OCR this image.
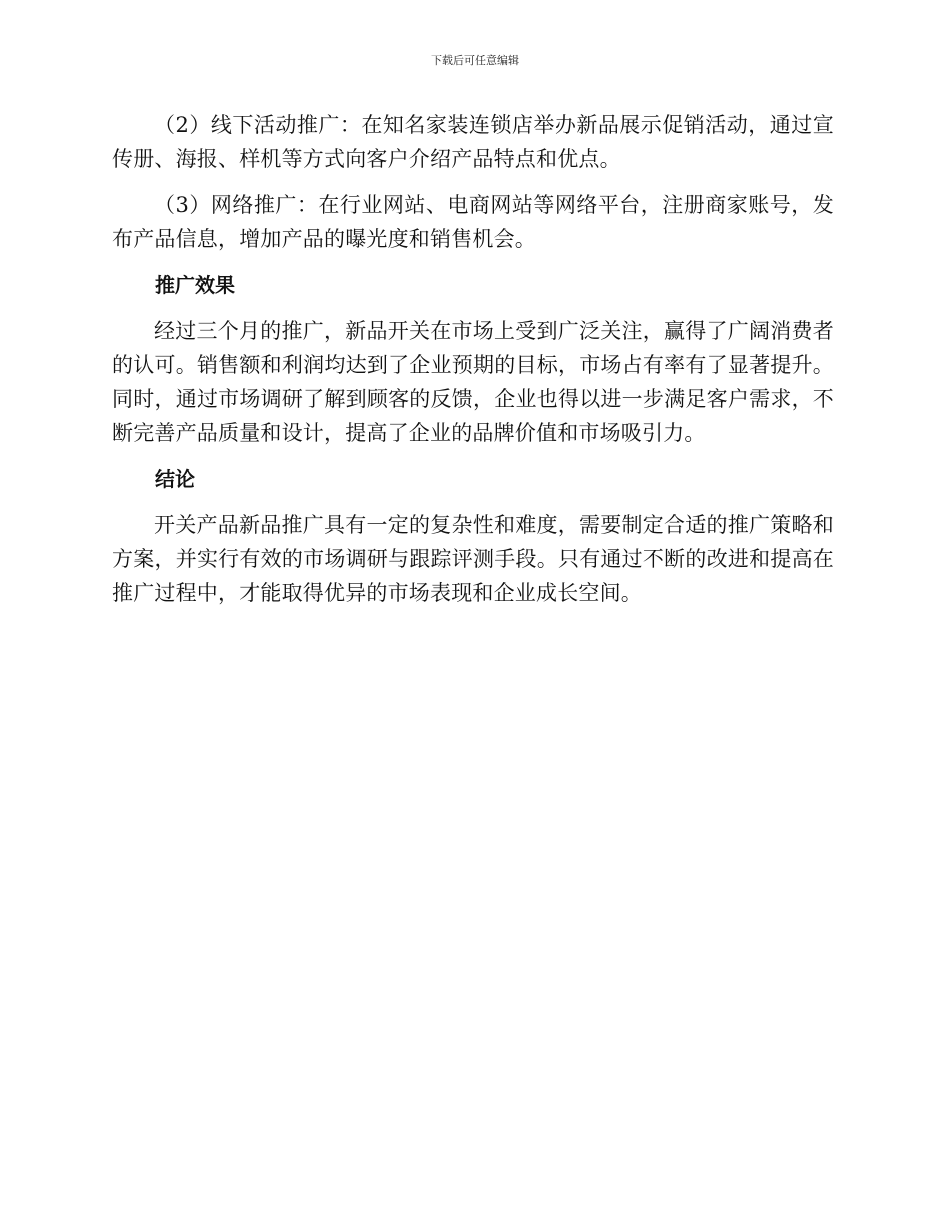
下载后可任意编辑

（2）线下活动推广：在知名家装连锁店举办新品展示促销活动，通过宣传册、海报、样机等方式向客户介绍产品特点和优点。

（3）网络推广：在行业网站、电商网站等网络平台，注册商家账号，发布产品信息，增加产品的曝光度和销售机会。

推广效果

经过三个月的推广，新品开关在市场上受到广泛关注，赢得了广阔消费者的认可。销售额和利润均达到了企业预期的目标，市场占有率有了显著提升。同时，通过市场调研了解到顾客的反馈，企业也得以进一步满足客户需求，不断完善产品质量和设计，提高了企业的品牌价值和市场吸引力。

结论

开关产品新品推广具有一定的复杂性和难度，需要制定合适的推广策略和方案，并实行有效的市场调研与跟踪评测手段。只有通过不断的改进和提高在推广过程中，才能取得优异的市场表现和企业成长空间。
